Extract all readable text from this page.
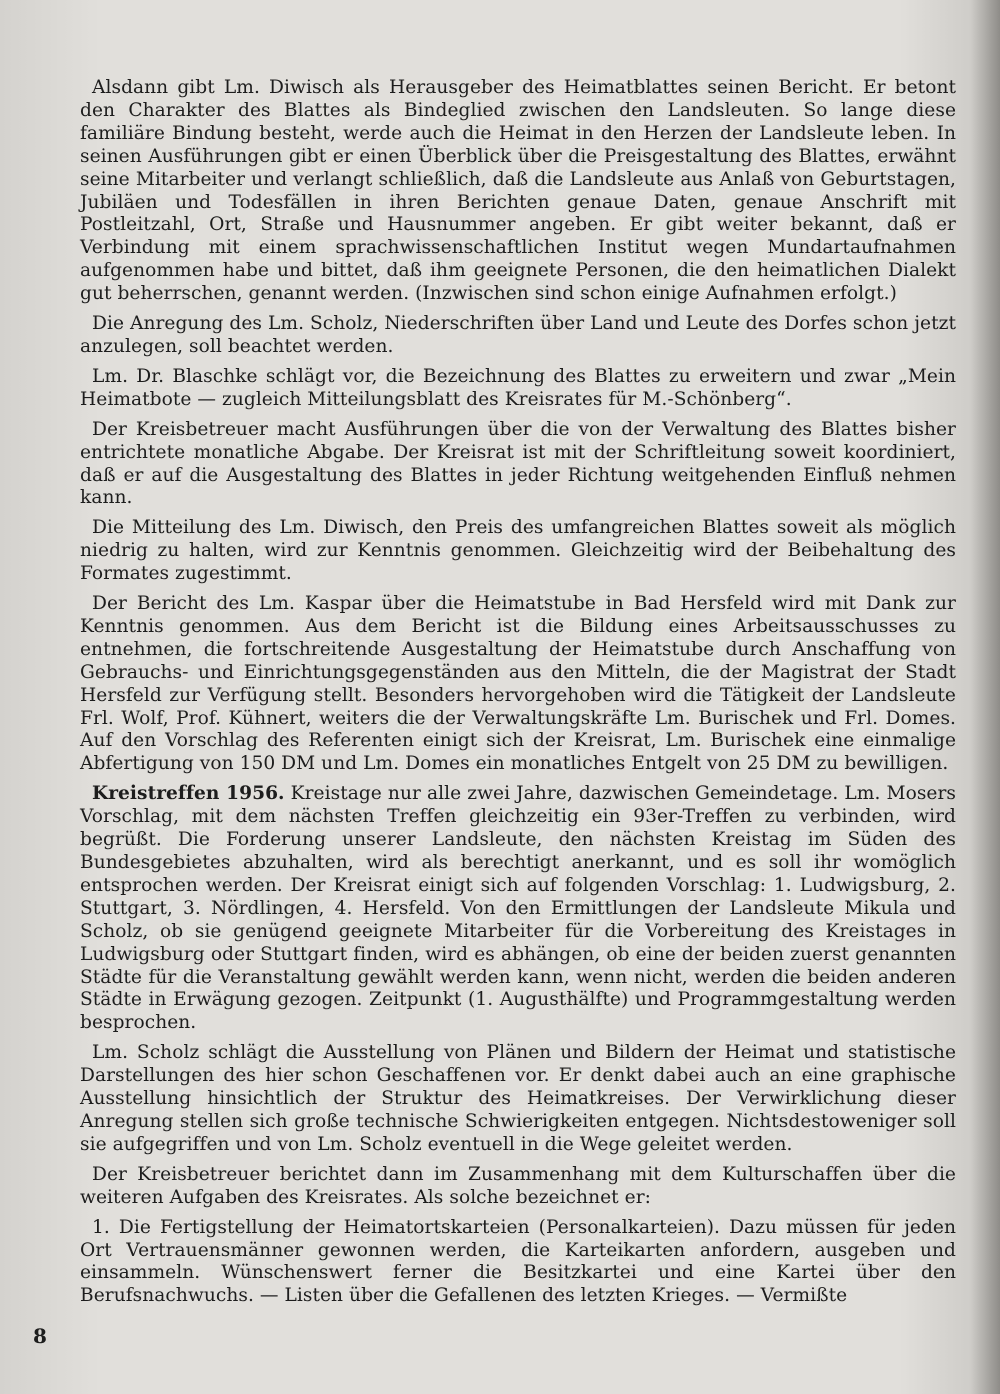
Alsdann gibt Lm. Diwisch als Herausgeber des Heimatblattes seinen Bericht. Er betont den Charakter des Blattes als Bindeglied zwischen den Landsleuten. So lange diese familiäre Bindung besteht, werde auch die Heimat in den Herzen der Landsleute leben. In seinen Ausführungen gibt er einen Überblick über die Preisgestaltung des Blattes, erwähnt seine Mitarbeiter und verlangt schließlich, daß die Landsleute aus Anlaß von Geburtstagen, Jubiläen und Todesfällen in ihren Berichten genaue Daten, genaue Anschrift mit Postleitzahl, Ort, Straße und Hausnummer angeben. Er gibt weiter bekannt, daß er Verbindung mit einem sprachwissenschaftlichen Institut wegen Mundartaufnahmen aufgenommen habe und bittet, daß ihm geeignete Personen, die den heimatlichen Dialekt gut beherrschen, genannt werden. (Inzwischen sind schon einige Aufnahmen erfolgt.)

Die Anregung des Lm. Scholz, Niederschriften über Land und Leute des Dorfes schon jetzt anzulegen, soll beachtet werden.

Lm. Dr. Blaschke schlägt vor, die Bezeichnung des Blattes zu erweitern und zwar „Mein Heimatbote — zugleich Mitteilungsblatt des Kreisrates für M.-Schönberg“.

Der Kreisbetreuer macht Ausführungen über die von der Verwaltung des Blattes bisher entrichtete monatliche Abgabe. Der Kreisrat ist mit der Schriftleitung soweit koordiniert, daß er auf die Ausgestaltung des Blattes in jeder Richtung weitgehenden Einfluß nehmen kann.

Die Mitteilung des Lm. Diwisch, den Preis des umfangreichen Blattes soweit als möglich niedrig zu halten, wird zur Kenntnis genommen. Gleichzeitig wird der Beibehaltung des Formates zugestimmt.

Der Bericht des Lm. Kaspar über die Heimatstube in Bad Hersfeld wird mit Dank zur Kenntnis genommen. Aus dem Bericht ist die Bildung eines Arbeitsausschusses zu entnehmen, die fortschreitende Ausgestaltung der Heimatstube durch Anschaffung von Gebrauchs- und Einrichtungsgegenständen aus den Mitteln, die der Magistrat der Stadt Hersfeld zur Verfügung stellt. Besonders hervorgehoben wird die Tätigkeit der Landsleute Frl. Wolf, Prof. Kühnert, weiters die der Verwaltungskräfte Lm. Burischek und Frl. Domes. Auf den Vorschlag des Referenten einigt sich der Kreisrat, Lm. Burischek eine einmalige Abfertigung von 150 DM und Lm. Domes ein monatliches Entgelt von 25 DM zu bewilligen.

Kreistreffen 1956. Kreistage nur alle zwei Jahre, dazwischen Gemeindetage. Lm. Mosers Vorschlag, mit dem nächsten Treffen gleichzeitig ein 93er-Treffen zu verbinden, wird begrüßt. Die Forderung unserer Landsleute, den nächsten Kreistag im Süden des Bundesgebietes abzuhalten, wird als berechtigt anerkannt, und es soll ihr womöglich entsprochen werden. Der Kreisrat einigt sich auf folgenden Vorschlag: 1. Ludwigsburg, 2. Stuttgart, 3. Nördlingen, 4. Hersfeld. Von den Ermittlungen der Landsleute Mikula und Scholz, ob sie genügend geeignete Mitarbeiter für die Vorbereitung des Kreistages in Ludwigsburg oder Stuttgart finden, wird es abhängen, ob eine der beiden zuerst genannten Städte für die Veranstaltung gewählt werden kann, wenn nicht, werden die beiden anderen Städte in Erwägung gezogen. Zeitpunkt (1. Augusthälfte) und Programmgestaltung werden besprochen.

Lm. Scholz schlägt die Ausstellung von Plänen und Bildern der Heimat und statistische Darstellungen des hier schon Geschaffenen vor. Er denkt dabei auch an eine graphische Ausstellung hinsichtlich der Struktur des Heimatkreises. Der Verwirklichung dieser Anregung stellen sich große technische Schwierigkeiten entgegen. Nichtsdestoweniger soll sie aufgegriffen und von Lm. Scholz eventuell in die Wege geleitet werden.

Der Kreisbetreuer berichtet dann im Zusammenhang mit dem Kulturschaffen über die weiteren Aufgaben des Kreisrates. Als solche bezeichnet er:

1. Die Fertigstellung der Heimatortskarteien (Personalkarteien). Dazu müssen für jeden Ort Vertrauensmänner gewonnen werden, die Karteikarten anfordern, ausgeben und einsammeln. Wünschenswert ferner die Besitzkartei und eine Kartei über den Berufsnachwuchs. — Listen über die Gefallenen des letzten Krieges. — Vermißte

8
